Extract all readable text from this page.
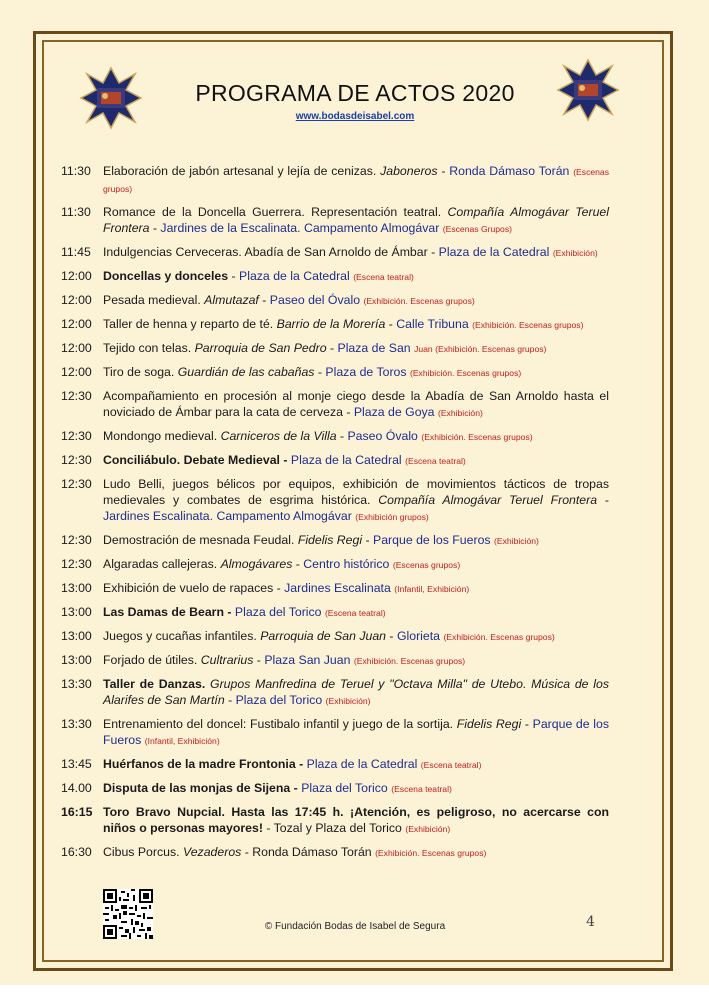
PROGRAMA DE ACTOS 2020
www.bodasdeisabel.com
11:30 Elaboración de jabón artesanal y lejía de cenizas. Jaboneros - Ronda Dámaso Torán (Escenas grupos)
11:30 Romance de la Doncella Guerrera. Representación teatral. Compañía Almogávar Teruel Frontera - Jardines de la Escalinata. Campamento Almogávar (Escenas Grupos)
11:45 Indulgencias Cerveceras. Abadía de San Arnoldo de Ámbar - Plaza de la Catedral (Exhibición)
12:00 Doncellas y donceles - Plaza de la Catedral (Escena teatral)
12:00 Pesada medieval. Almutazaf - Paseo del Óvalo (Exhibición. Escenas grupos)
12:00 Taller de henna y reparto de té. Barrio de la Morería - Calle Tribuna (Exhibición. Escenas grupos)
12:00 Tejido con telas. Parroquia de San Pedro - Plaza de San Juan (Exhibición. Escenas grupos)
12:00 Tiro de soga. Guardián de las cabañas - Plaza de Toros (Exhibición. Escenas grupos)
12:30 Acompañamiento en procesión al monje ciego desde la Abadía de San Arnoldo hasta el noviciado de Ámbar para la cata de cerveza - Plaza de Goya (Exhibición)
12:30 Mondongo medieval. Carniceros de la Villa - Paseo Óvalo (Exhibición. Escenas grupos)
12:30 Conciliábulo. Debate Medieval - Plaza de la Catedral (Escena teatral)
12:30 Ludo Belli, juegos bélicos por equipos, exhibición de movimientos tácticos de tropas medievales y combates de esgrima histórica. Compañía Almogávar Teruel Frontera - Jardines Escalinata. Campamento Almogávar (Exhibición grupos)
12:30 Demostración de mesnada Feudal. Fidelis Regi - Parque de los Fueros (Exhibición)
12:30 Algaradas callejeras. Almogávares - Centro histórico (Escenas grupos)
13:00 Exhibición de vuelo de rapaces - Jardines Escalinata (Infantil, Exhibición)
13:00 Las Damas de Bearn - Plaza del Torico (Escena teatral)
13:00 Juegos y cucañas infantiles. Parroquia de San Juan - Glorieta (Exhibición. Escenas grupos)
13:00 Forjado de útiles. Cultrarius - Plaza San Juan (Exhibición. Escenas grupos)
13:30 Taller de Danzas. Grupos Manfredina de Teruel y "Octava Milla" de Utebo. Música de los Alarifes de San Martín - Plaza del Torico (Exhibición)
13:30 Entrenamiento del doncel: Fustibalo infantil y juego de la sortija. Fidelis Regi - Parque de los Fueros (Infantil, Exhibición)
13:45 Huérfanos de la madre Frontonia - Plaza de la Catedral (Escena teatral)
14.00 Disputa de las monjas de Sijena - Plaza del Torico (Escena teatral)
16:15 Toro Bravo Nupcial. Hasta las 17:45 h. ¡Atención, es peligroso, no acercarse con niños o personas mayores! - Tozal y Plaza del Torico (Exhibición)
16:30 Cibus Porcus. Vezaderos - Ronda Dámaso Torán (Exhibición. Escenas grupos)
© Fundación Bodas de Isabel de Segura	4
